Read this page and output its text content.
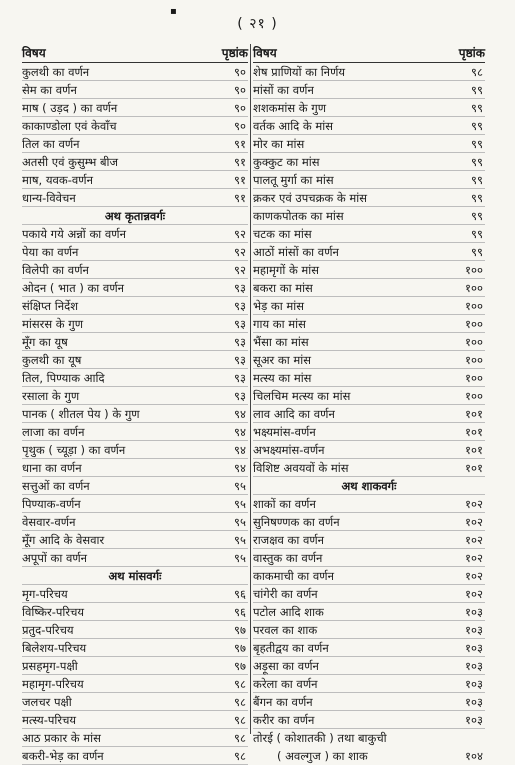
▪
( २१ )
विषय	पृष्ठांक
कुलथी का वर्णन	९०
सेम का वर्णन	९०
माष ( उड़द ) का वर्णन	९०
काकाण्डोला एवं केवाँच	९०
तिल का वर्णन	९१
अतसी एवं कुसुम्भ बीज	९१
माष, यवक-वर्णन	९१
धान्य-विवेचन	९१
अथ कृतान्नवर्गः
पकाये गये अन्नों का वर्णन	९२
पेया का वर्णन	९२
विलेपी का वर्णन	९२
ओदन ( भात ) का वर्णन	९३
संक्षिप्त निर्देश	९३
मांसरस के गुण	९३
मूँग का यूष	९३
कुलथी का यूष	९३
तिल, पिण्याक आदि	९३
रसाला के गुण	९३
पानक ( शीतल पेय ) के गुण	९४
लाजा का वर्णन	९४
पृथुक ( च्यूड़ा ) का वर्णन	९४
धाना का वर्णन	९४
सत्तुओं का वर्णन	९५
पिण्याक-वर्णन	९५
वेसवार-वर्णन	९५
मूँग आदि के वेसवार	९५
अपूपों का वर्णन	९५
अथ मांसवर्गः
मृग-परिचय	९६
विष्किर-परिचय	९६
प्रतुद-परिचय	९७
बिलेशय-परिचय	९७
प्रसहमृग-पक्षी	९७
महामृग-परिचय	९८
जलचर पक्षी	९८
मत्स्य-परिचय	९८
आठ प्रकार के मांस	९८
बकरी-भेड़ का वर्णन	९८
विषय	पृष्ठांक
शेष प्राणियों का निर्णय	९८
मांसों का वर्णन	९९
शशकमांस के गुण	९९
वर्तक आदि के मांस	९९
मोर का मांस	९९
कुक्कुट का मांस	९९
पालतू मुर्गा का मांस	९९
क्रकर एवं उपचक्रक के मांस	९९
काणकपोतक का मांस	९९
चटक का मांस	९९
आठों मांसों का वर्णन	९९
महामृगों के मांस	१००
बकरा का मांस	१००
भेड़ का मांस	१००
गाय का मांस	१००
भैंसा का मांस	१००
सूअर का मांस	१००
मत्स्य का मांस	१००
चिलचिम मत्स्य का मांस	१००
लाव आदि का वर्णन	१०१
भक्ष्यमांस-वर्णन	१०१
अभक्ष्यमांस-वर्णन	१०१
विशिष्ट अवयवों के मांस	१०१
अथ शाकवर्गः
शाकों का वर्णन	१०२
सुनिषण्णक का वर्णन	१०२
राजक्षव का वर्णन	१०२
वास्तुक का वर्णन	१०२
काकमाची का वर्णन	१०२
चांगेरी का वर्णन	१०२
पटोल आदि शाक	१०३
परवल का शाक	१०३
बृहतीद्वय का वर्णन	१०३
अड़ूसा का वर्णन	१०३
करेला का वर्णन	१०३
बैंगन का वर्णन	१०३
करीर का वर्णन	१०३
तोरई ( कोशातकी ) तथा बाकुची
( अवल्गुज ) का शाक	१०४
